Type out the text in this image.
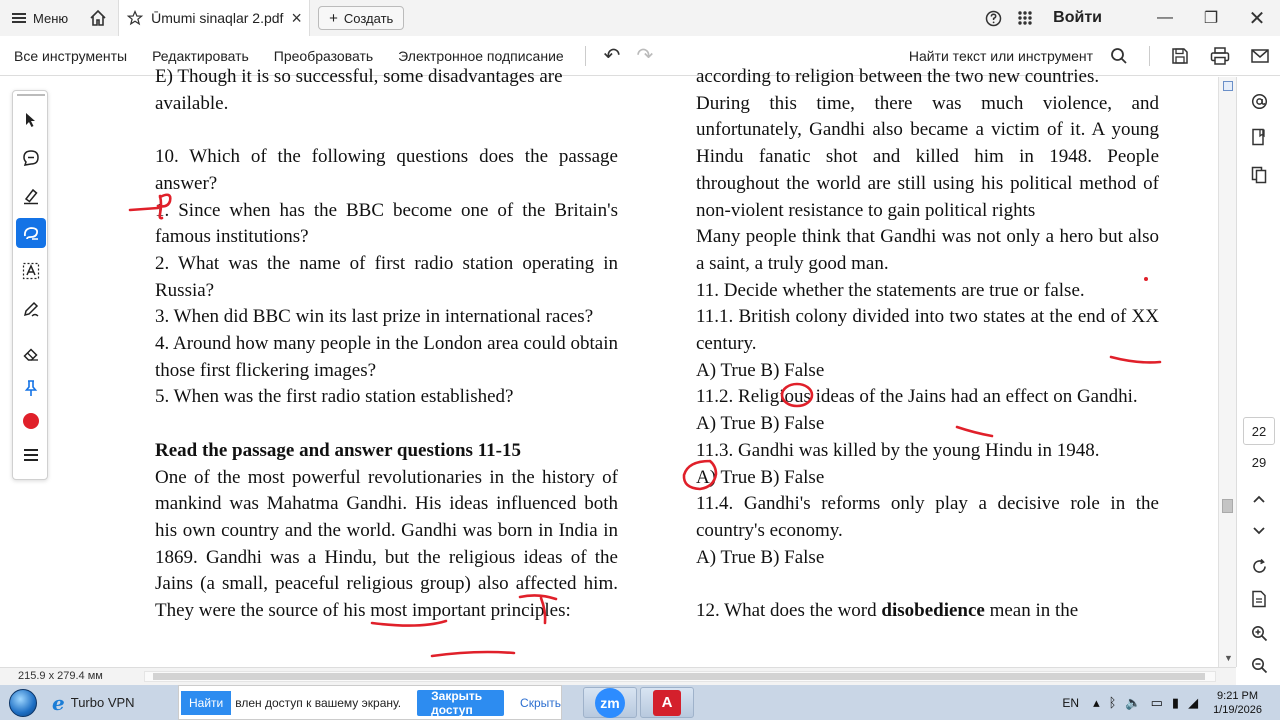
Меню	Ūmumi sinaqlar 2.pdf × + Создать	Войти	— ❐ ✕
Все инструменты	Редактировать	Преобразовать	Электронное подписание	↶ ↷	Найти текст или инструмент

E) Though it is so successful, some disadvantages are

available.

10. Which of the following questions does the passage answer?

1. Since when has the BBC become one of the Britain's famous institutions?

2. What was the name of first radio station operating in Russia?

3. When did BBC win its last prize in international races?

4. Around how many people in the London area could obtain those first flickering images?

5. When was the first radio station established?

Read the passage and answer questions 11-15

One of the most powerful revolutionaries in the history of mankind was Mahatma Gandhi. His ideas influenced both his own country and the world. Gandhi was born in India in 1869. Gandhi was a Hindu, but the religious ideas of the Jains (a small, peaceful religious group) also affected him. They were the source of his most important principles:

according to religion between the two new countries.

During this time, there was much violence, and unfortunately, Gandhi also became a victim of it. A young Hindu fanatic shot and killed him in 1948. People throughout the world are still using his political method of non-violent resistance to gain political rights

Many people think that Gandhi was not only a hero but also a saint, a truly good man.

11. Decide whether the statements are true or false.

11.1. British colony divided into two states at the end of XX century.

A) True B) False

11.2. Religious ideas of the Jains had an effect on Gandhi.

A) True B) False

11.3. Gandhi was killed by the young Hindu in 1948.

A) True B) False

11.4. Gandhi's reforms only play a decisive role in the country's economy.

A) True B) False

12. What does the word disobedience mean in the

▼
22
29
215.9 x 279.4 мм
e Turbo VPN	Найти	влен доступ к вашему экрану.	Закрыть доступ	Скрыть	zm	A	EN ▴ ᛒ 🔈 ▭ ▮ ◢	9:21 PM
1/19/2026
